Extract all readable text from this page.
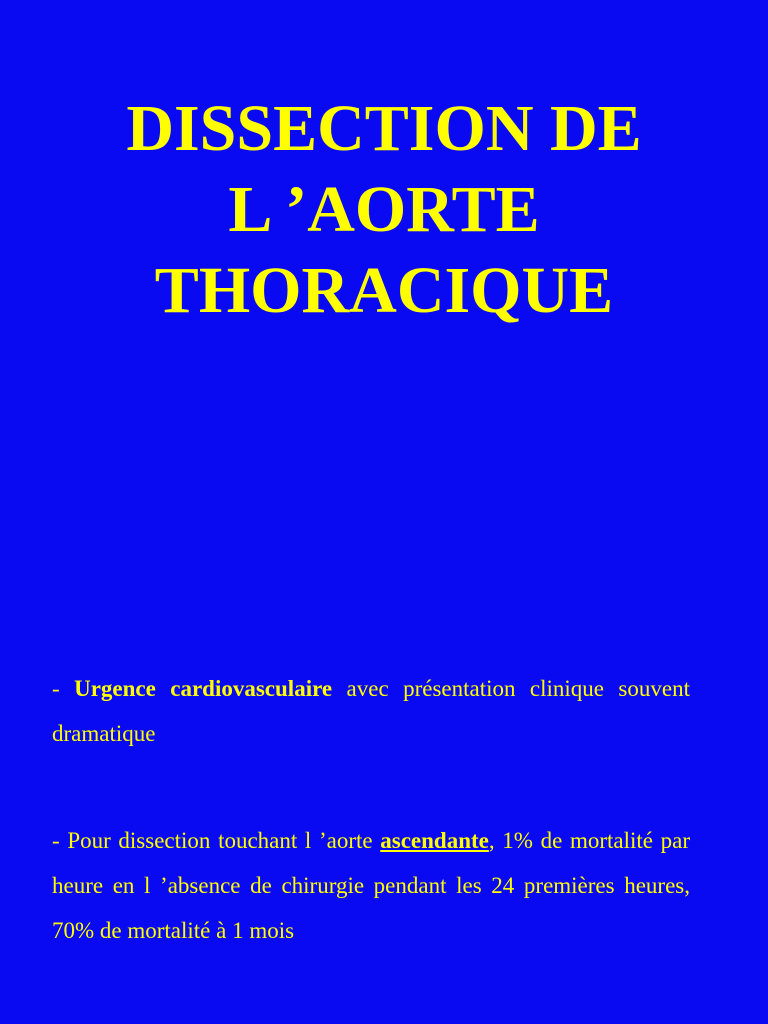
DISSECTION DE
L ’AORTE
THORACIQUE

- Urgence cardiovasculaire avec présentation clinique souvent dramatique

- Pour dissection touchant l ’aorte ascendante, 1% de mortalité par heure en l ’absence de chirurgie pendant les 24 premières heures, 70% de mortalité à 1 mois
